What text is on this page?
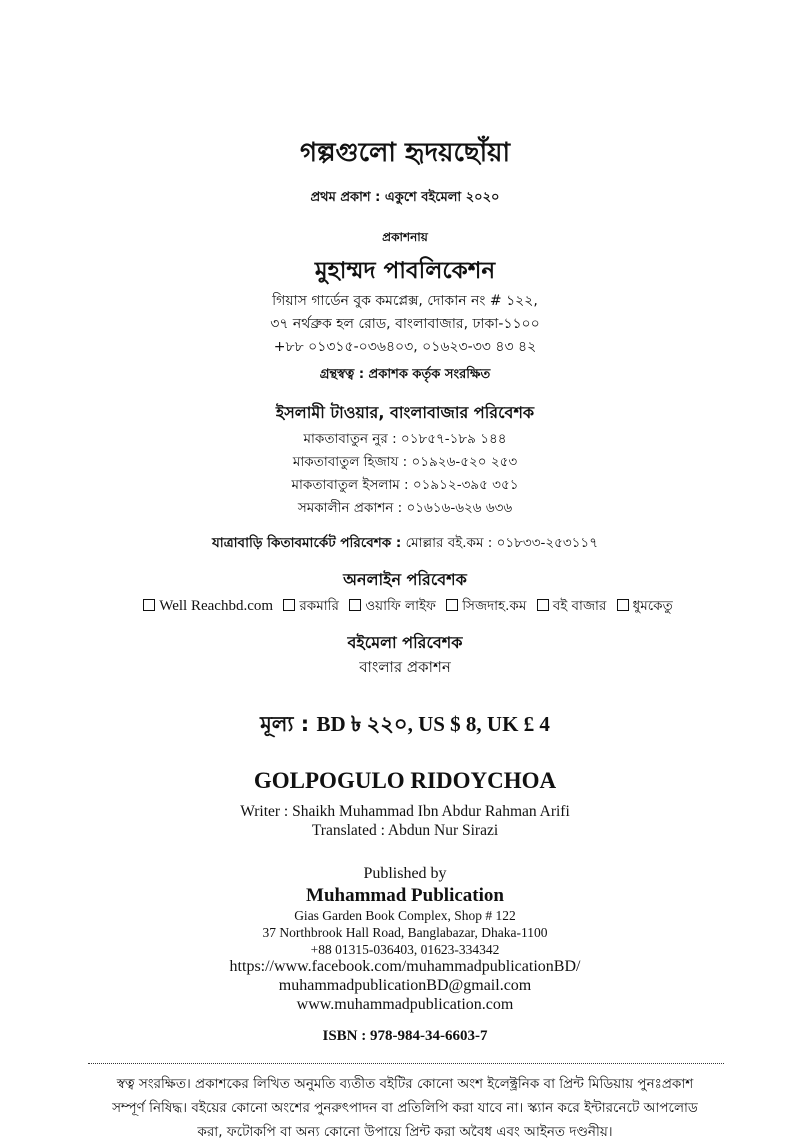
গল্পগুলো হৃদয়ছোঁয়া
প্রথম প্রকাশ : একুশে বইমেলা ২০২০
প্রকাশনায়
মুহাম্মদ পাবলিকেশন
গিয়াস গার্ডেন বুক কমপ্লেক্স, দোকান নং # ১২২,
৩৭ নর্থব্রুক হল রোড, বাংলাবাজার, ঢাকা-১১০০
+৮৮ ০১৩১৫-০৩৬৪০৩, ০১৬২৩-৩৩ ৪৩ ৪২
গ্রন্থস্বত্ব : প্রকাশক কর্তৃক সংরক্ষিত
ইসলামী টাওয়ার, বাংলাবাজার পরিবেশক
মাকতাবাতুন নুর : ০১৮৫৭-১৮৯ ১৪৪
মাকতাবাতুল হিজায : ০১৯২৬-৫২০ ২৫৩
মাকতাবাতুল ইসলাম : ০১৯১২-৩৯৫ ৩৫১
সমকালীন প্রকাশন : ০১৬১৬-৬২৬ ৬৩৬
যাত্রাবাড়ি কিতাবমার্কেট পরিবেশক : মোল্লার বই.কম : ০১৮৩৩-২৫৩১১৭
অনলাইন পরিবেশক
Well Reachbd.com রকমারি ওয়াফি লাইফ সিজদাহ.কম বই বাজার ধুমকেতু
বইমেলা পরিবেশক
বাংলার প্রকাশন
মূল্য : BD ৳ ২২০, US $ 8, UK £ 4
GOLPOGULO RIDOYCHOA
Writer : Shaikh Muhammad Ibn Abdur Rahman Arifi
Translated : Abdun Nur Sirazi
Published by
Muhammad Publication
Gias Garden Book Complex, Shop # 122
37 Northbrook Hall Road, Banglabazar, Dhaka-1100
+88 01315-036403, 01623-334342
https://www.facebook.com/muhammadpublicationBD/
muhammadpublicationBD@gmail.com
www.muhammadpublication.com
ISBN : 978-984-34-6603-7
স্বত্ব সংরক্ষিত। প্রকাশকের লিখিত অনুমতি ব্যতীত বইটির কোনো অংশ ইলেক্ট্রনিক বা প্রিন্ট মিডিয়ায় পুনঃপ্রকাশ
সম্পূর্ণ নিষিদ্ধ। বইয়ের কোনো অংশের পুনরুৎপাদন বা প্রতিলিপি করা যাবে না। স্ক্যান করে ইন্টারনেটে আপলোড
করা, ফটোকপি বা অন্য কোনো উপায়ে প্রিন্ট করা অবৈধ এবং আইনত দণ্ডনীয়।
